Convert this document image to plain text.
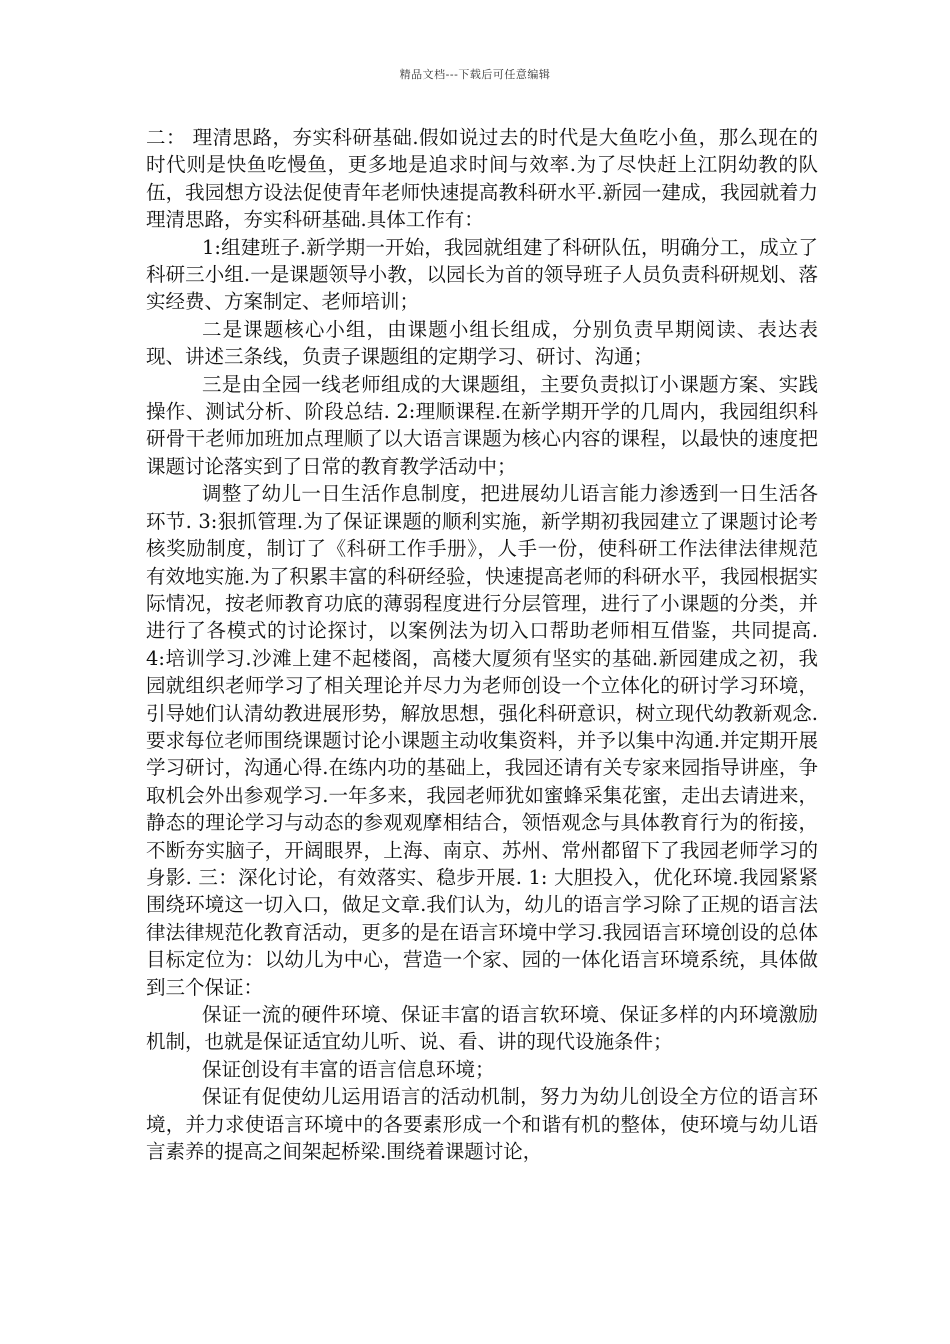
精品文档---下载后可任意编辑

二： 理清思路，夯实科研基础.假如说过去的时代是大鱼吃小鱼，那么现在的时代则是快鱼吃慢鱼，更多地是追求时间与效率.为了尽快赶上江阴幼教的队伍，我园想方设法促使青年老师快速提高教科研水平.新园一建成，我园就着力理清思路，夯实科研基础.具体工作有：

1:组建班子.新学期一开始，我园就组建了科研队伍，明确分工，成立了科研三小组.一是课题领导小教，以园长为首的领导班子人员负责科研规划、落实经费、方案制定、老师培训；

二是课题核心小组，由课题小组长组成，分别负责早期阅读、表达表现、讲述三条线，负责子课题组的定期学习、研讨、沟通；

三是由全园一线老师组成的大课题组，主要负责拟订小课题方案、实践操作、测试分析、阶段总结. 2:理顺课程.在新学期开学的几周内，我园组织科研骨干老师加班加点理顺了以大语言课题为核心内容的课程，以最快的速度把课题讨论落实到了日常的教育教学活动中；

调整了幼儿一日生活作息制度，把进展幼儿语言能力渗透到一日生活各环节. 3:狠抓管理.为了保证课题的顺利实施，新学期初我园建立了课题讨论考核奖励制度，制订了《科研工作手册》，人手一份，使科研工作法律法律规范有效地实施.为了积累丰富的科研经验，快速提高老师的科研水平，我园根据实际情况，按老师教育功底的薄弱程度进行分层管理，进行了小课题的分类，并进行了各模式的讨论探讨，以案例法为切入口帮助老师相互借鉴，共同提高. 4:培训学习.沙滩上建不起楼阁，高楼大厦须有坚实的基础.新园建成之初，我园就组织老师学习了相关理论并尽力为老师创设一个立体化的研讨学习环境，引导她们认清幼教进展形势，解放思想，强化科研意识，树立现代幼教新观念.要求每位老师围绕课题讨论小课题主动收集资料，并予以集中沟通.并定期开展学习研讨，沟通心得.在练内功的基础上，我园还请有关专家来园指导讲座，争取机会外出参观学习.一年多来，我园老师犹如蜜蜂采集花蜜，走出去请进来，静态的理论学习与动态的参观观摩相结合，领悟观念与具体教育行为的衔接，不断夯实脑子，开阔眼界，上海、南京、苏州、常州都留下了我园老师学习的身影. 三：深化讨论，有效落实、稳步开展. 1: 大胆投入，优化环境.我园紧紧围绕环境这一切入口，做足文章.我们认为，幼儿的语言学习除了正规的语言法律法律规范化教育活动，更多的是在语言环境中学习.我园语言环境创设的总体目标定位为：以幼儿为中心，营造一个家、园的一体化语言环境系统，具体做到三个保证：

保证一流的硬件环境、保证丰富的语言软环境、保证多样的内环境激励机制，也就是保证适宜幼儿听、说、看、讲的现代设施条件；

保证创设有丰富的语言信息环境；

保证有促使幼儿运用语言的活动机制，努力为幼儿创设全方位的语言环境，并力求使语言环境中的各要素形成一个和谐有机的整体，使环境与幼儿语言素养的提高之间架起桥梁.围绕着课题讨论，
